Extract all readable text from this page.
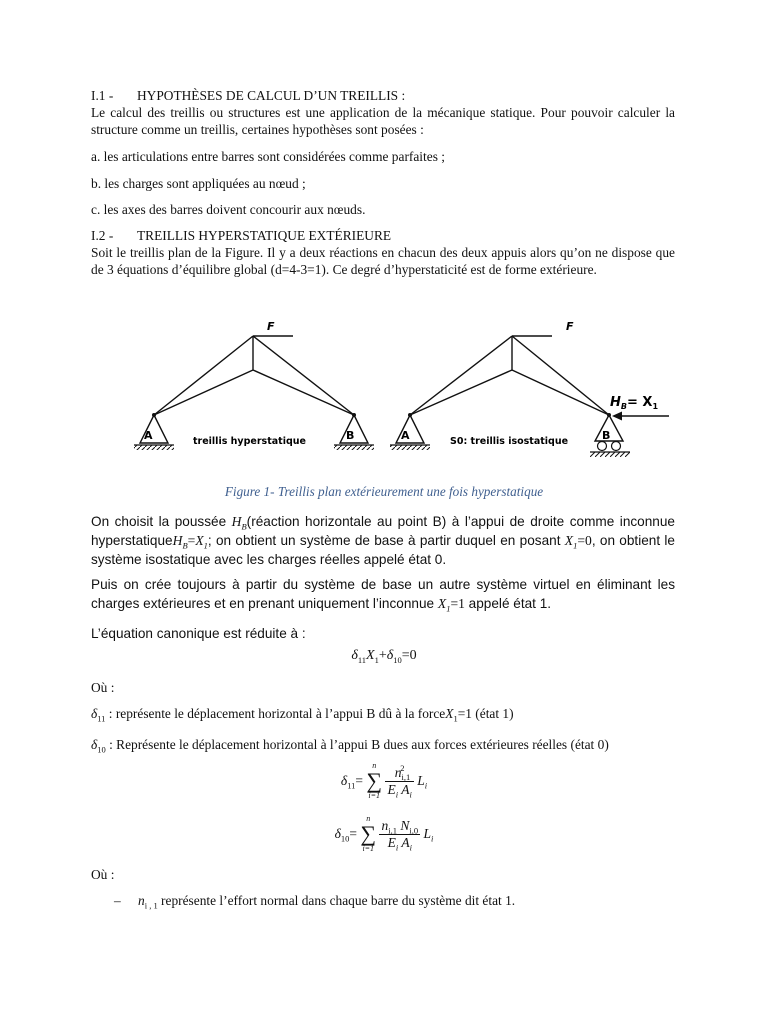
I.1 - HYPOTHÈSES DE CALCUL D’UN TREILLIS :
Le calcul des treillis ou structures est une application de la mécanique statique. Pour pouvoir calculer la structure comme un treillis, certaines hypothèses sont posées :
a. les articulations entre barres sont considérées comme parfaites ;
b. les charges sont appliquées au nœud ;
c. les axes des barres doivent concourir aux nœuds.
I.2 - TREILLIS HYPERSTATIQUE EXTÉRIEURE
Soit le treillis plan de la Figure. Il y a deux réactions en chacun des deux appuis alors qu’on ne dispose que de 3 équations d’équilibre global (d=4-3=1). Ce degré d’hyperstaticité est de forme extérieure.
F
A	B
treillis hyperstatique
F
A	B
S0: treillis isostatique
$H_B= X_1$
Figure 1- Treillis plan extérieurement une fois hyperstatique
On choisit la poussée $H_B(réaction$ horizontale au point B) à l’appui de droite comme inconnue $hyperstatiqueH_B=X_1$; on obtient un système de base à partir duquel en posant $X_1=0$, on obtient le système isostatique avec les charges réelles appelé état 0.
Puis on crée toujours à partir du système de base un autre système virtuel en éliminant les charges extérieures et en prenant uniquement l’inconnue $X_1=1$ appelé état 1.
L’équation canonique est réduite à :
$\delta_{11}X_1+\delta_{10}=0$
Où :
$\delta_{11}$ : représente le déplacement horizontal à l’appui B dû à la forceX$_1$=1 (état 1)
$\delta_{10}$ : Représente le déplacement horizontal à l’appui B dues aux forces extérieures réelles (état 0)
$\delta_{11}=$
n
∑
i=1
$\frac{n_{i,1}^2}{E_i A_i} L_i$
$\delta_{10}=$
n
∑
i=1
$\frac{n_{i,1} N_{i,0}}{E_i A_i} L_i$
Où :
– $n_{i , 1}$ représente l’effort normal dans chaque barre du système dit état 1.
